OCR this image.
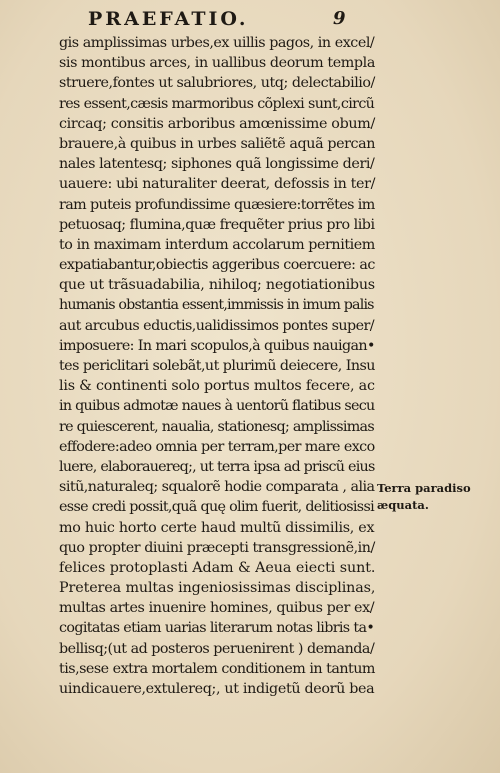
PRAEFATIO.	9
gis amplissimas urbes,ex uillis pagos, in excel/
sis montibus arces, in uallibus deorum templa
struere,fontes ut salubriores, utq; delectabilio/
res essent,cæsis marmoribus cõplexi sunt,circũ
circaq; consitis arboribus amœnissime obum/
brauere,à quibus in urbes saliẽtẽ aquã percan
nales latentesq; siphones quã longissime deri/
uauere: ubi naturaliter deerat, defossis in ter/
ram puteis profundissime quæsiere:torrẽtes im
petuosaq; flumina,quæ frequẽter prius pro libi
to in maximam interdum accolarum pernitiem
expatiabantur,obiectis aggeribus coercuere: ac
que ut trãsuadabilia, nihiloq; negotiationibus
humanis obstantia essent,immissis in imum palis
aut arcubus eductis,ualidissimos pontes super/
imposuere: In mari scopulos,à quibus nauigan•
tes periclitari solebãt,ut plurimũ deiecere, Insu
lis & continenti solo portus multos fecere, ac
in quibus admotæ naues à uentorũ flatibus secu
re quiescerent, naualia, stationesq; amplissimas
effodere:adeo omnia per terram,per mare exco
luere, elaborauereq;, ut terra ipsa ad priscũ eius
sitũ,naturaleq; squalorẽ hodie comparata , alia
esse credi possit,quã quę olim fuerit, delitiosissi
mo huic horto certe haud multũ dissimilis, ex
quo propter diuini præcepti transgressionẽ,in/
felices protoplasti Adam & Aeua eiecti sunt.
Preterea multas ingeniosissimas disciplinas,
multas artes inuenire homines, quibus per ex/
cogitatas etiam uarias literarum notas libris ta•
bellisq;(ut ad posteros peruenirent ) demanda/
tis,sese extra mortalem conditionem in tantum
uindicauere,extulereq;, ut indigetũ deorũ bea
Terra paradiso
æquata.
